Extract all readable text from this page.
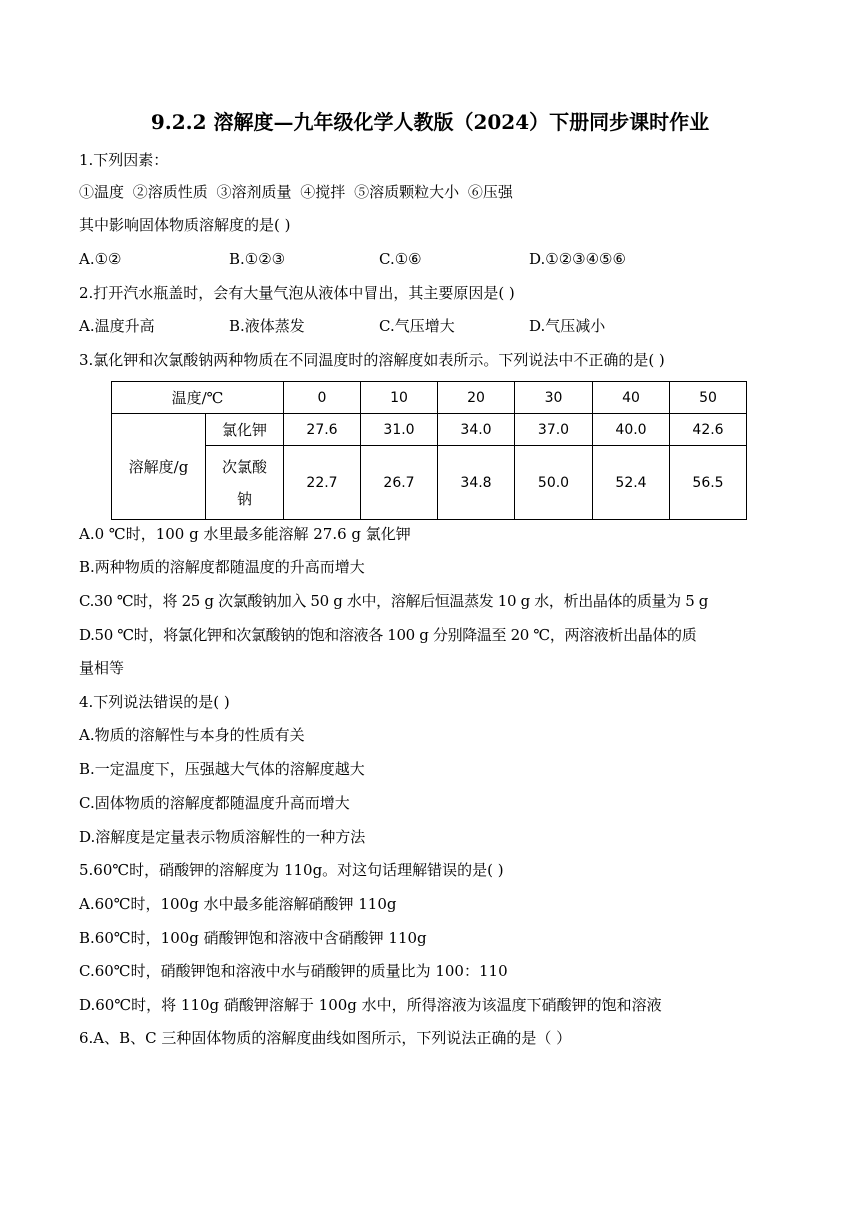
9.2.2 溶解度—九年级化学人教版（2024）下册同步课时作业
1.下列因素：
①温度 ②溶质性质 ③溶剂质量 ④搅拌 ⑤溶质颗粒大小 ⑥压强
其中影响固体物质溶解度的是( )
A.①②	B.①②③	C.①⑥	D.①②③④⑤⑥
2.打开汽水瓶盖时，会有大量气泡从液体中冒出，其主要原因是( )
A.温度升高	B.液体蒸发	C.气压增大	D.气压减小
3.氯化钾和次氯酸钠两种物质在不同温度时的溶解度如表所示。下列说法中不正确的是( )
温度/℃		0	10	20	30	40	50
溶解度/g	氯化钾	27.6	31.0	34.0	37.0	40.0	42.6
	次氯酸
钠	22.7	26.7	34.8	50.0	52.4	56.5
A.0 ℃时，100 g 水里最多能溶解 27.6 g 氯化钾
B.两种物质的溶解度都随温度的升高而增大
C.30 ℃时，将 25 g 次氯酸钠加入 50 g 水中，溶解后恒温蒸发 10 g 水，析出晶体的质量为 5 g
D.50 ℃时，将氯化钾和次氯酸钠的饱和溶液各 100 g 分别降温至 20 ℃，两溶液析出晶体的质
量相等
4.下列说法错误的是( )
A.物质的溶解性与本身的性质有关
B.一定温度下，压强越大气体的溶解度越大
C.固体物质的溶解度都随温度升高而增大
D.溶解度是定量表示物质溶解性的一种方法
5.60℃时，硝酸钾的溶解度为 110g。对这句话理解错误的是( )
A.60℃时，100g 水中最多能溶解硝酸钾 110g
B.60℃时，100g 硝酸钾饱和溶液中含硝酸钾 110g
C.60℃时，硝酸钾饱和溶液中水与硝酸钾的质量比为 100：110
D.60℃时，将 110g 硝酸钾溶解于 100g 水中，所得溶液为该温度下硝酸钾的饱和溶液
6.A、B、C 三种固体物质的溶解度曲线如图所示，下列说法正确的是（ ）
